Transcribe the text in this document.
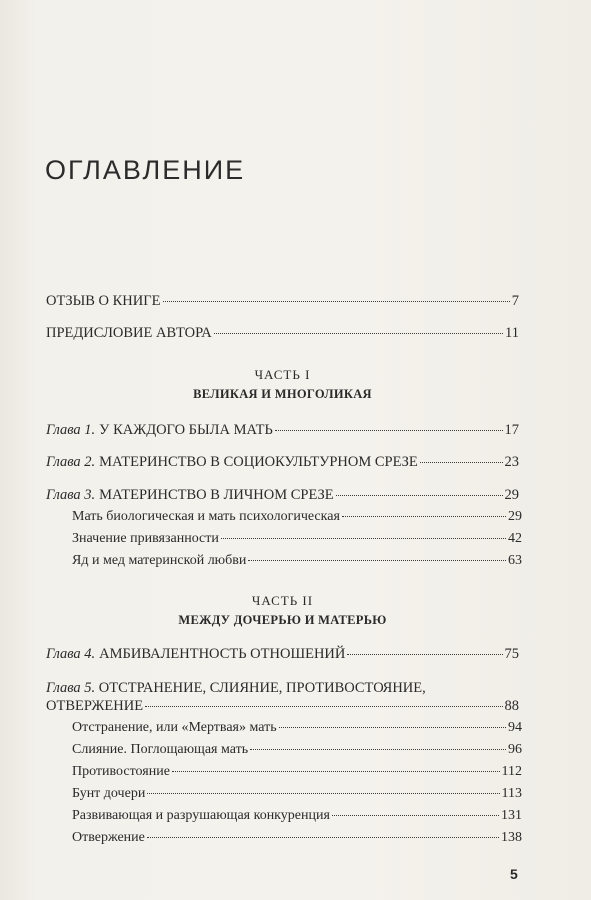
ОГЛАВЛЕНИЕ
ОТЗЫВ О КНИГЕ	7
ПРЕДИСЛОВИЕ АВТОРА	11
ЧАСТЬ I
ВЕЛИКАЯ И МНОГОЛИКАЯ
Глава 1. У КАЖДОГО БЫЛА МАТЬ	17
Глава 2. МАТЕРИНСТВО В СОЦИОКУЛЬТУРНОМ СРЕЗЕ	23
Глава 3. МАТЕРИНСТВО В ЛИЧНОМ СРЕЗЕ	29
Мать биологическая и мать психологическая	29
Значение привязанности	42
Яд и мед материнской любви	63
ЧАСТЬ II
МЕЖДУ ДОЧЕРЬЮ И МАТЕРЬЮ
Глава 4. АМБИВАЛЕНТНОСТЬ ОТНОШЕНИЙ	75
Глава 5. ОТСТРАНЕНИЕ, СЛИЯНИЕ, ПРОТИВОСТОЯНИЕ,
ОТВЕРЖЕНИЕ	88
Отстранение, или «Мертвая» мать	94
Слияние. Поглощающая мать	96
Противостояние	112
Бунт дочери	113
Развивающая и разрушающая конкуренция	131
Отвержение	138
5
